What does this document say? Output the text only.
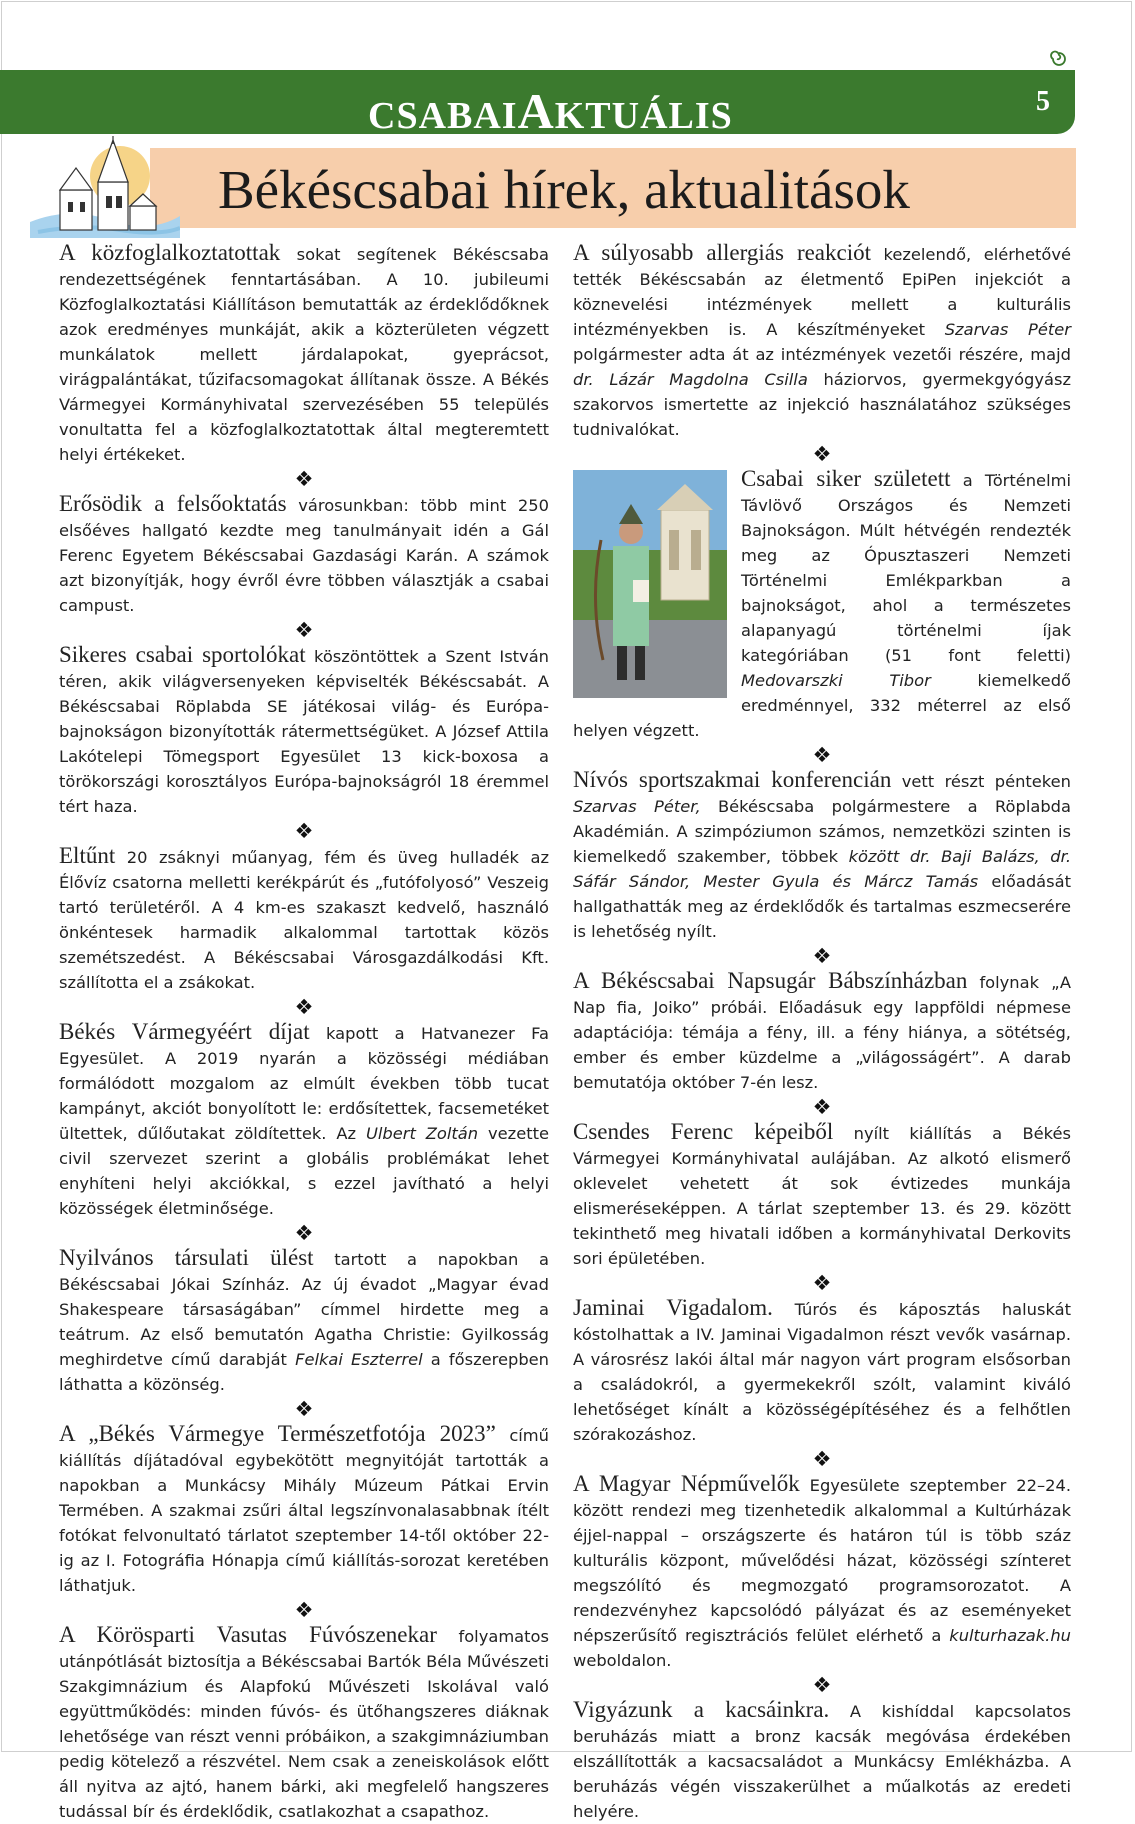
CSABAIAKTUÁLIS	5
Békéscsabai hírek, aktualitások
A közfoglalkoztatottak sokat segítenek Békéscsaba rendezettségének fenntartásában. A 10. jubileumi Közfoglalkoztatási Kiállításon bemutatták az érdeklődőknek azok eredményes munkáját, akik a közterületen végzett munkálatok mellett járdalapokat, gyeprácsot, virágpalántákat, tűzifacsomagokat állítanak össze. A Békés Vármegyei Kormányhivatal szervezésében 55 település vonultatta fel a közfoglalkoztatottak által megteremtett helyi értékeket.
❖
Erősödik a felsőoktatás városunkban: több mint 250 elsőéves hallgató kezdte meg tanulmányait idén a Gál Ferenc Egyetem Békéscsabai Gazdasági Karán. A számok azt bizonyítják, hogy évről évre többen választják a csabai campust.
❖
Sikeres csabai sportolókat köszöntöttek a Szent István téren, akik világversenyeken képviselték Békéscsabát. A Békéscsabai Röplabda SE játékosai világ- és Európa-bajnokságon bizonyították rátermettségüket. A József Attila Lakótelepi Tömegsport Egyesület 13 kick-boxosa a törökországi korosztályos Európa-bajnokságról 18 éremmel tért haza.
❖
Eltűnt 20 zsáknyi műanyag, fém és üveg hulladék az Élővíz csatorna melletti kerékpárút és „futófolyosó” Veszeig tartó területéről. A 4 km-es szakaszt kedvelő, használó önkéntesek harmadik alkalommal tartottak közös szemétszedést. A Békéscsabai Városgazdálkodási Kft. szállította el a zsákokat.
❖
Békés Vármegyéért díjat kapott a Hatvanezer Fa Egyesület. A 2019 nyarán a közösségi médiában formálódott mozgalom az elmúlt években több tucat kampányt, akciót bonyolított le: erdősítettek, facsemetéket ültettek, dűlőutakat zöldítettek. Az Ulbert Zoltán vezette civil szervezet szerint a globális problémákat lehet enyhíteni helyi akciókkal, s ezzel javítható a helyi közösségek életminősége.
❖
Nyilvános társulati ülést tartott a napokban a Békéscsabai Jókai Színház. Az új évadot „Magyar évad Shakespeare társaságában” címmel hirdette meg a teátrum. Az első bemutatón Agatha Christie: Gyilkosság meghirdetve című darabját Felkai Eszterrel a főszerepben láthatta a közönség.
❖
A „Békés Vármegye Természetfotója 2023” című kiállítás díjátadóval egybekötött megnyitóját tartották a napokban a Munkácsy Mihály Múzeum Pátkai Ervin Termében. A szakmai zsűri által legszínvonalasabbnak ítélt fotókat felvonultató tárlatot szeptember 14-től október 22-ig az I. Fotográfia Hónapja című kiállítás-sorozat keretében láthatjuk.
❖
A Körösparti Vasutas Fúvószenekar folyamatos utánpótlását biztosítja a Békéscsabai Bartók Béla Művészeti Szakgimnázium és Alapfokú Művészeti Iskolával való együttműködés: minden fúvós- és ütőhangszeres diáknak lehetősége van részt venni próbáikon, a szakgimnáziumban pedig kötelező a részvétel. Nem csak a zeneiskolások előtt áll nyitva az ajtó, hanem bárki, aki megfelelő hangszeres tudással bír és érdeklődik, csatlakozhat a csapathoz.
A súlyosabb allergiás reakciót kezelendő, elérhetővé tették Békéscsabán az életmentő EpiPen injekciót a köznevelési intézmények mellett a kulturális intézményekben is. A készítményeket Szarvas Péter polgármester adta át az intézmények vezetői részére, majd dr. Lázár Magdolna Csilla háziorvos, gyermekgyógyász szakorvos ismertette az injekció használatához szükséges tudnivalókat.
❖
Csabai siker született a Történelmi Távlövő Országos és Nemzeti Bajnokságon. Múlt hétvégén rendezték meg az Ópusztaszeri Nemzeti Történelmi Emlékparkban a bajnokságot, ahol a természetes alapanyagú történelmi íjak kategóriában (51 font feletti) Medovarszki Tibor kiemelkedő eredménnyel, 332 méterrel az első helyen végzett.
❖
Nívós sportszakmai konferencián vett részt pénteken Szarvas Péter, Békéscsaba polgármestere a Röplabda Akadémián. A szimpóziumon számos, nemzetközi szinten is kiemelkedő szakember, többek között dr. Baji Balázs, dr. Sáfár Sándor, Mester Gyula és Márcz Tamás előadását hallgathatták meg az érdeklődők és tartalmas eszmecserére is lehetőség nyílt.
❖
A Békéscsabai Napsugár Bábszínházban folynak „A Nap fia, Joiko” próbái. Előadásuk egy lappföldi népmese adaptációja: témája a fény, ill. a fény hiánya, a sötétség, ember és ember küzdelme a „világosságért”. A darab bemutatója október 7-én lesz.
❖
Csendes Ferenc képeiből nyílt kiállítás a Békés Vármegyei Kormányhivatal aulájában. Az alkotó elismerő oklevelet vehetett át sok évtizedes munkája elismeréseképpen. A tárlat szeptember 13. és 29. között tekinthető meg hivatali időben a kormányhivatal Derkovits sori épületében.
❖
Jaminai Vigadalom. Túrós és káposztás haluskát kóstolhattak a IV. Jaminai Vigadalmon részt vevők vasárnap. A városrész lakói által már nagyon várt program elsősorban a családokról, a gyermekekről szólt, valamint kiváló lehetőséget kínált a közösségépítéséhez és a felhőtlen szórakozáshoz.
❖
A Magyar Népművelők Egyesülete szeptember 22–24. között rendezi meg tizenhetedik alkalommal a Kultúrházak éjjel-nappal – országszerte és határon túl is több száz kulturális központ, művelődési házat, közösségi színteret megszólító és megmozgató programsorozatot. A rendezvényhez kapcsolódó pályázat és az eseményeket népszerűsítő regisztrációs felület elérhető a kulturhazak.hu weboldalon.
❖
Vigyázunk a kacsáinkra. A kishíddal kapcsolatos beruházás miatt a bronz kacsák megóvása érdekében elszállították a kacsacsaládot a Munkácsy Emlékházba. A beruházás végén visszakerülhet a műalkotás az eredeti helyére.
